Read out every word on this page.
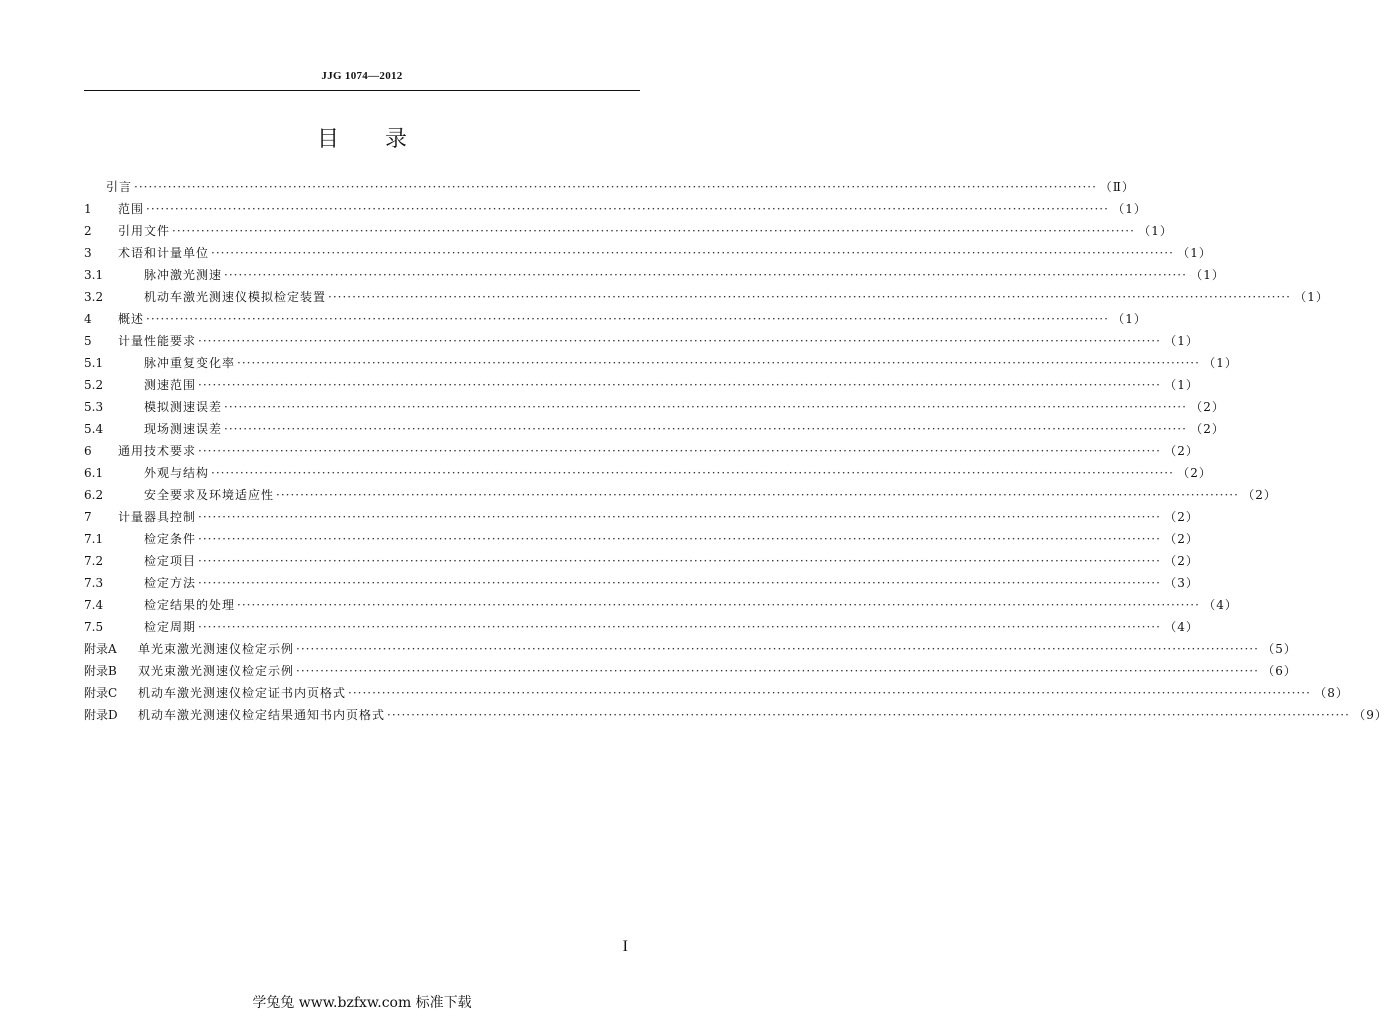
JJG 1074—2012
目 录
引言 ········································································································································································································ （Ⅱ）
1	范围 ········································································································································································································ （1）
2	引用文件 ········································································································································································································ （1）
3	术语和计量单位 ········································································································································································································ （1）
3.1	脉冲激光测速 ········································································································································································································ （1）
3.2	机动车激光测速仪模拟检定装置 ········································································································································································································ （1）
4	概述 ········································································································································································································ （1）
5	计量性能要求 ········································································································································································································ （1）
5.1	脉冲重复变化率 ········································································································································································································ （1）
5.2	测速范围 ········································································································································································································ （1）
5.3	模拟测速误差 ········································································································································································································ （2）
5.4	现场测速误差 ········································································································································································································ （2）
6	通用技术要求 ········································································································································································································ （2）
6.1	外观与结构 ········································································································································································································ （2）
6.2	安全要求及环境适应性 ········································································································································································································ （2）
7	计量器具控制 ········································································································································································································ （2）
7.1	检定条件 ········································································································································································································ （2）
7.2	检定项目 ········································································································································································································ （2）
7.3	检定方法 ········································································································································································································ （3）
7.4	检定结果的处理 ········································································································································································································ （4）
7.5	检定周期 ········································································································································································································ （4）
附录A	单光束激光测速仪检定示例 ········································································································································································································ （5）
附录B	双光束激光测速仪检定示例 ········································································································································································································ （6）
附录C	机动车激光测速仪检定证书内页格式 ········································································································································································································ （8）
附录D	机动车激光测速仪检定结果通知书内页格式 ········································································································································································································ （9）
I
学兔兔 www.bzfxw.com 标准下载
